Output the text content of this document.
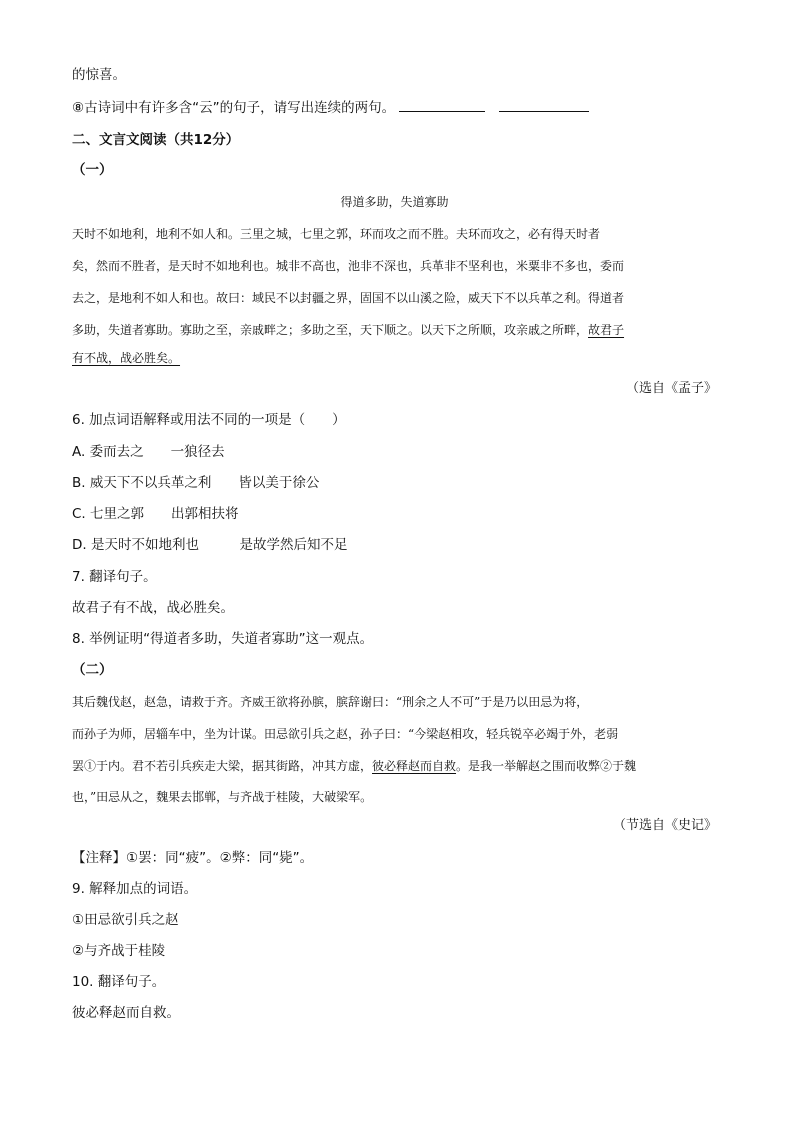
的惊喜。
⑧古诗词中有许多含“云”的句子，请写出连续的两句。
二、文言文阅读（共12分）
（一）
得道多助，失道寡助
天时不如地利，地利不如人和。三里之城，七里之郭，环而攻之而不胜。夫环而攻之，必有得天时者
矣，然而不胜者，是天时不如地利也。城非不高也，池非不深也，兵革非不坚利也，米粟非不多也，委而
去之，是地利不如人和也。故曰：域民不以封疆之界，固国不以山溪之险，威天下不以兵革之利。得道者
多助，失道者寡助。寡助之至，亲戚畔之；多助之至，天下顺之。以天下之所顺，攻亲戚之所畔，故君子
有不战，战必胜矣。
（选自《孟子》
6. 加点词语解释或用法不同的一项是（　　）
A. 委而去之　　一狼径去
B. 威天下不以兵革之利　　皆以美于徐公
C. 七里之郭　　出郭相扶将
D. 是天时不如地利也　　　是故学然后知不足
7. 翻译句子。
故君子有不战，战必胜矣。
8. 举例证明“得道者多助，失道者寡助”这一观点。
（二）
其后魏伐赵，赵急，请救于齐。齐威王欲将孙膑，膑辞谢曰：“刑余之人不可”于是乃以田忌为将，
而孙子为师，居辎车中，坐为计谋。田忌欲引兵之赵，孙子曰：“今梁赵相攻，轻兵锐卒必竭于外，老弱
罢①于内。君不若引兵疾走大梁，据其街路，冲其方虚，彼必释赵而自救。是我一举解赵之围而收弊②于魏
也，”田忌从之，魏果去邯郸，与齐战于桂陵，大破梁军。
（节选自《史记》
【注释】①罢：同“疲”。②弊：同“毙”。
9. 解释加点的词语。
①田忌欲引兵之赵
②与齐战于桂陵
10. 翻译句子。
彼必释赵而自救。
